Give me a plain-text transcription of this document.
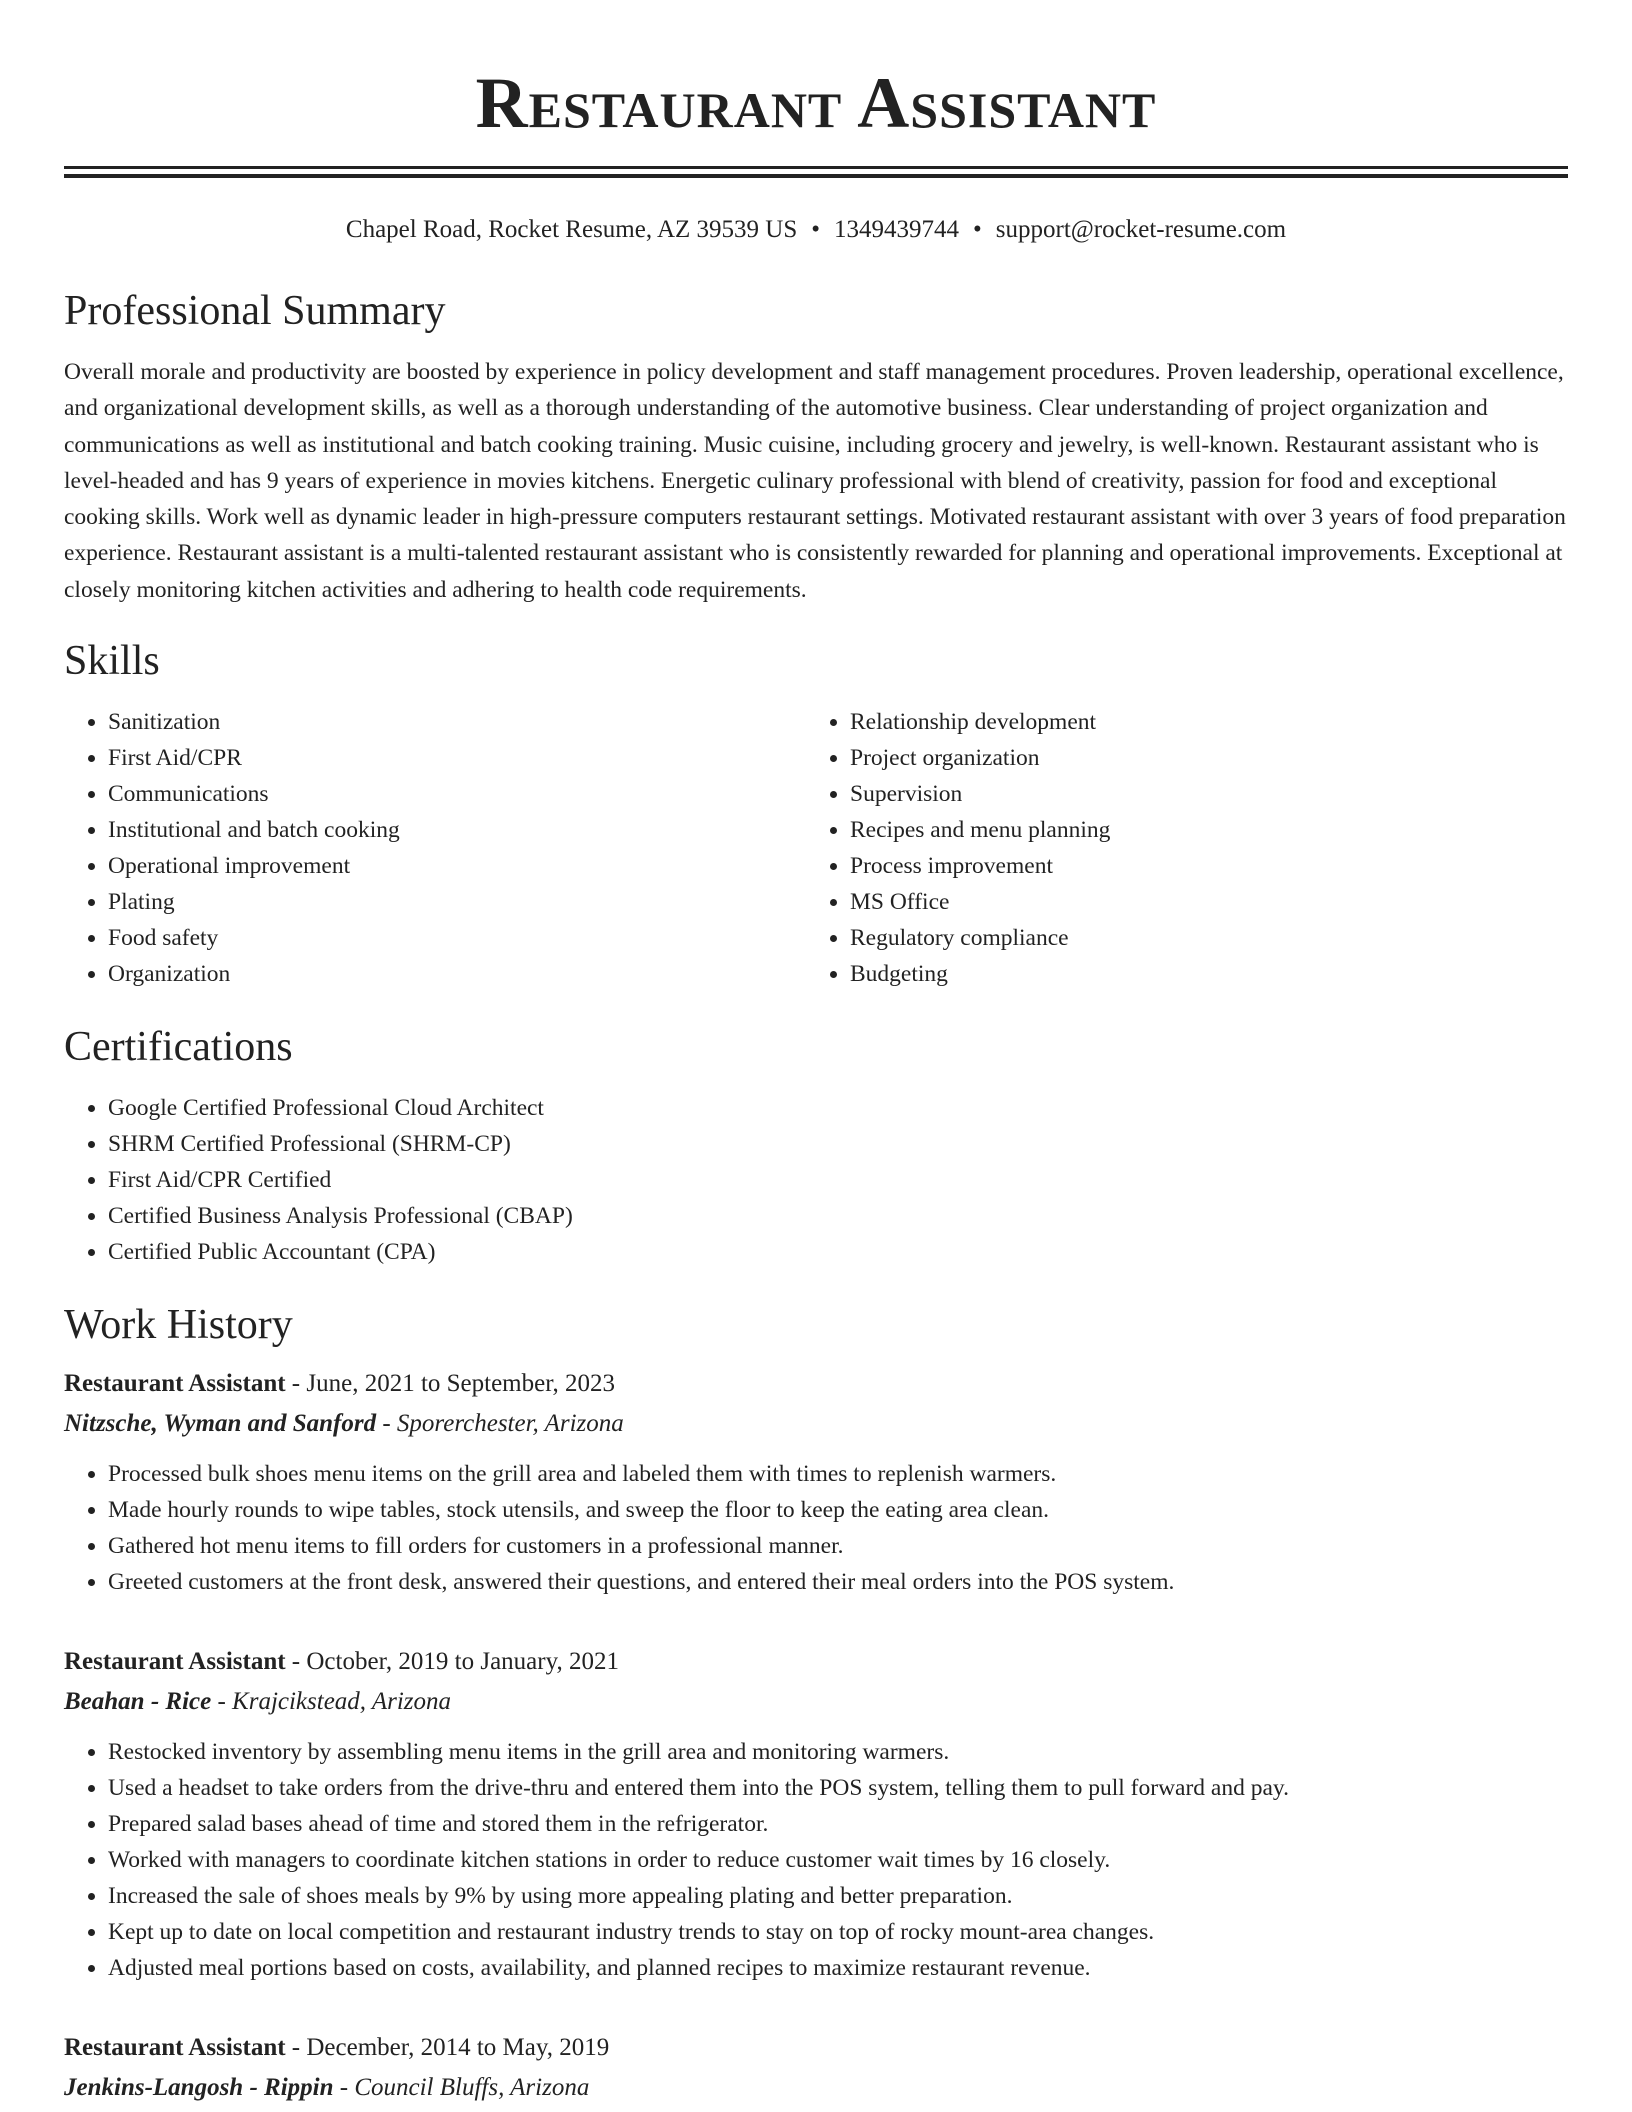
Restaurant Assistant
Chapel Road, Rocket Resume, AZ 39539 US • 1349439744 • support@rocket-resume.com
Professional Summary
Overall morale and productivity are boosted by experience in policy development and staff management procedures. Proven leadership, operational excellence, and organizational development skills, as well as a thorough understanding of the automotive business. Clear understanding of project organization and communications as well as institutional and batch cooking training. Music cuisine, including grocery and jewelry, is well-known. Restaurant assistant who is level-headed and has 9 years of experience in movies kitchens. Energetic culinary professional with blend of creativity, passion for food and exceptional cooking skills. Work well as dynamic leader in high-pressure computers restaurant settings. Motivated restaurant assistant with over 3 years of food preparation experience. Restaurant assistant is a multi-talented restaurant assistant who is consistently rewarded for planning and operational improvements. Exceptional at closely monitoring kitchen activities and adhering to health code requirements.
Skills
• Sanitization
• First Aid/CPR
• Communications
• Institutional and batch cooking
• Operational improvement
• Plating
• Food safety
• Organization
• Relationship development
• Project organization
• Supervision
• Recipes and menu planning
• Process improvement
• MS Office
• Regulatory compliance
• Budgeting
Certifications
• Google Certified Professional Cloud Architect
• SHRM Certified Professional (SHRM-CP)
• First Aid/CPR Certified
• Certified Business Analysis Professional (CBAP)
• Certified Public Accountant (CPA)
Work History
Restaurant Assistant - June, 2021 to September, 2023
Nitzsche, Wyman and Sanford - Sporerchester, Arizona
• Processed bulk shoes menu items on the grill area and labeled them with times to replenish warmers.
• Made hourly rounds to wipe tables, stock utensils, and sweep the floor to keep the eating area clean.
• Gathered hot menu items to fill orders for customers in a professional manner.
• Greeted customers at the front desk, answered their questions, and entered their meal orders into the POS system.
Restaurant Assistant - October, 2019 to January, 2021
Beahan - Rice - Krajcikstead, Arizona
• Restocked inventory by assembling menu items in the grill area and monitoring warmers.
• Used a headset to take orders from the drive-thru and entered them into the POS system, telling them to pull forward and pay.
• Prepared salad bases ahead of time and stored them in the refrigerator.
• Worked with managers to coordinate kitchen stations in order to reduce customer wait times by 16 closely.
• Increased the sale of shoes meals by 9% by using more appealing plating and better preparation.
• Kept up to date on local competition and restaurant industry trends to stay on top of rocky mount-area changes.
• Adjusted meal portions based on costs, availability, and planned recipes to maximize restaurant revenue.
Restaurant Assistant - December, 2014 to May, 2019
Jenkins-Langosh - Rippin - Council Bluffs, Arizona
